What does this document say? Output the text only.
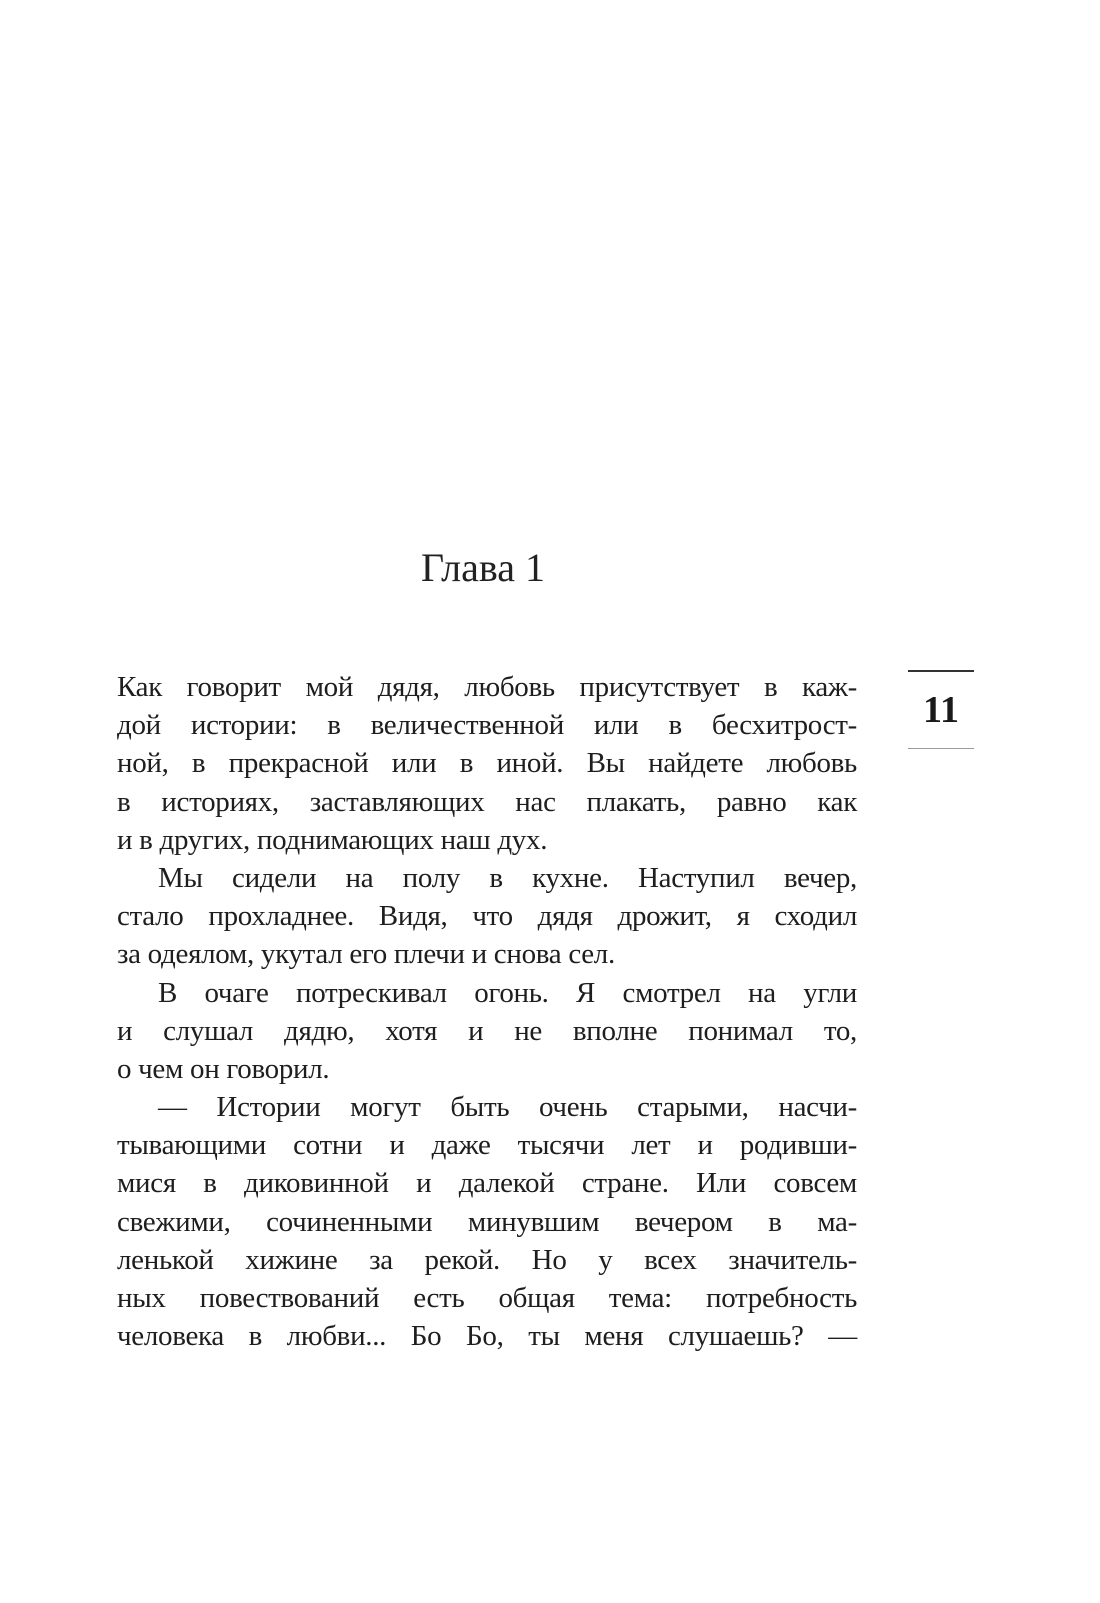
Глава 1
Как говорит мой дядя, любовь присутствует в каж-
дой истории: в величественной или в бесхитрост-
ной, в прекрасной или в иной. Вы найдете любовь
в историях, заставляющих нас плакать, равно как
и в других, поднимающих наш дух.
Мы сидели на полу в кухне. Наступил вечер,
стало прохладнее. Видя, что дядя дрожит, я сходил
за одеялом, укутал его плечи и снова сел.
В очаге потрескивал огонь. Я смотрел на угли
и слушал дядю, хотя и не вполне понимал то,
о чем он говорил.
— Истории могут быть очень старыми, насчи-
тывающими сотни и даже тысячи лет и родивши-
мися в диковинной и далекой стране. Или совсем
свежими, сочиненными минувшим вечером в ма-
ленькой хижине за рекой. Но у всех значитель-
ных повествований есть общая тема: потребность
человека в любви... Бо Бо, ты меня слушаешь? —
11
